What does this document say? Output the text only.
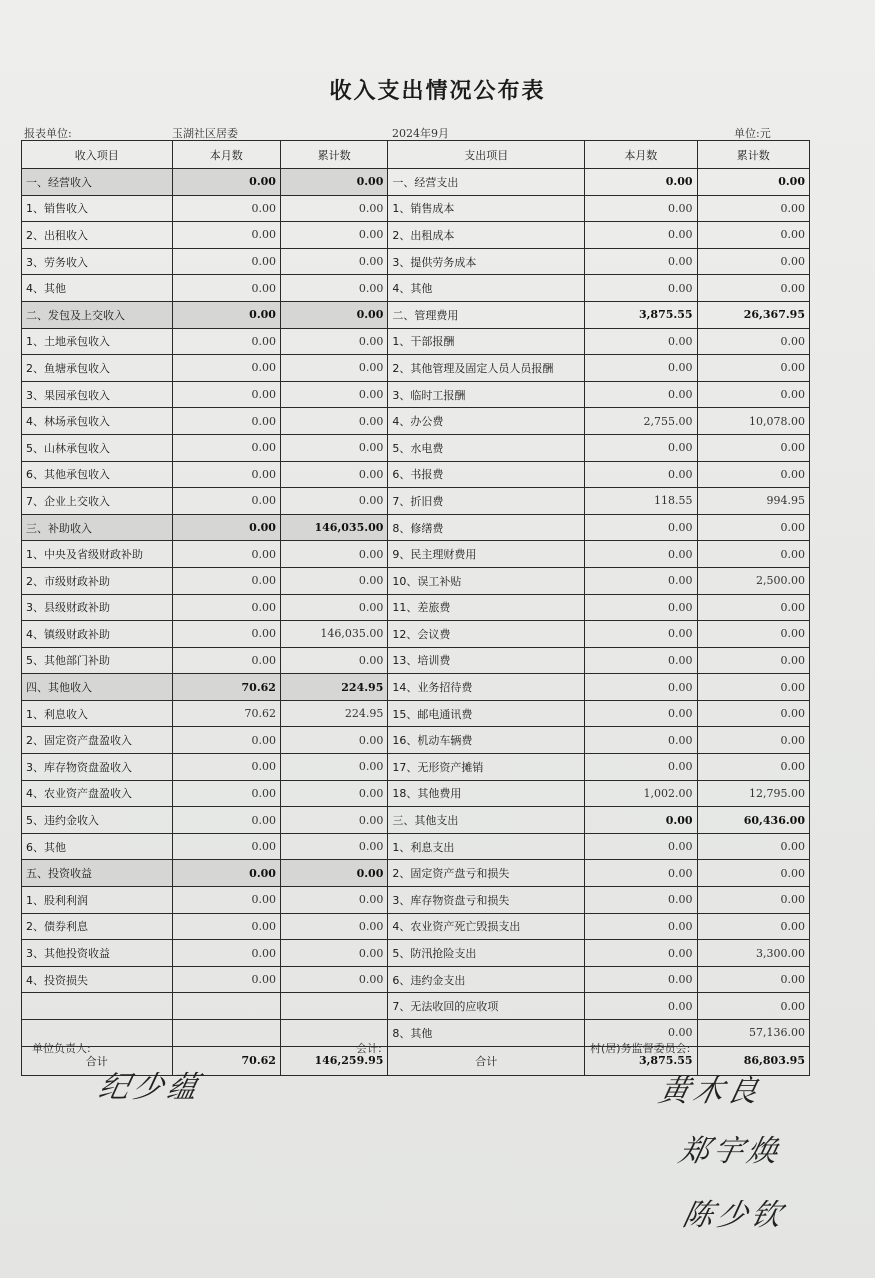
收入支出情况公布表
报表单位:	玉湖社区居委	2024年9月	单位:元
收入项目	本月数	累计数	支出项目	本月数	累计数
一、经营收入	0.00	0.00	一、经营支出	0.00	0.00
1、销售收入	0.00	0.00	1、销售成本	0.00	0.00
2、出租收入	0.00	0.00	2、出租成本	0.00	0.00
3、劳务收入	0.00	0.00	3、提供劳务成本	0.00	0.00
4、其他	0.00	0.00	4、其他	0.00	0.00
二、发包及上交收入	0.00	0.00	二、管理费用	3,875.55	26,367.95
1、土地承包收入	0.00	0.00	1、干部报酬	0.00	0.00
2、鱼塘承包收入	0.00	0.00	2、其他管理及固定人员人员报酬	0.00	0.00
3、果园承包收入	0.00	0.00	3、临时工报酬	0.00	0.00
4、林场承包收入	0.00	0.00	4、办公费	2,755.00	10,078.00
5、山林承包收入	0.00	0.00	5、水电费	0.00	0.00
6、其他承包收入	0.00	0.00	6、书报费	0.00	0.00
7、企业上交收入	0.00	0.00	7、折旧费	118.55	994.95
三、补助收入	0.00	146,035.00	8、修缮费	0.00	0.00
1、中央及省级财政补助	0.00	0.00	9、民主理财费用	0.00	0.00
2、市级财政补助	0.00	0.00	10、误工补贴	0.00	2,500.00
3、县级财政补助	0.00	0.00	11、差旅费	0.00	0.00
4、镇级财政补助	0.00	146,035.00	12、会议费	0.00	0.00
5、其他部门补助	0.00	0.00	13、培训费	0.00	0.00
四、其他收入	70.62	224.95	14、业务招待费	0.00	0.00
1、利息收入	70.62	224.95	15、邮电通讯费	0.00	0.00
2、固定资产盘盈收入	0.00	0.00	16、机动车辆费	0.00	0.00
3、库存物资盘盈收入	0.00	0.00	17、无形资产摊销	0.00	0.00
4、农业资产盘盈收入	0.00	0.00	18、其他费用	1,002.00	12,795.00
5、违约金收入	0.00	0.00	三、其他支出	0.00	60,436.00
6、其他	0.00	0.00	1、利息支出	0.00	0.00
五、投资收益	0.00	0.00	2、固定资产盘亏和损失	0.00	0.00
1、股利利润	0.00	0.00	3、库存物资盘亏和损失	0.00	0.00
2、债券利息	0.00	0.00	4、农业资产死亡毁损支出	0.00	0.00
3、其他投资收益	0.00	0.00	5、防汛抢险支出	0.00	3,300.00
4、投资损失	0.00	0.00	6、违约金支出	0.00	0.00
			7、无法收回的应收项	0.00	0.00
			8、其他	0.00	57,136.00
合计	70.62	146,259.95	合计	3,875.55	86,803.95
单位负责人:	会计:	村(居)务监督委员会:
纪少蕴	黄木良
郑宇焕
陈少钦
